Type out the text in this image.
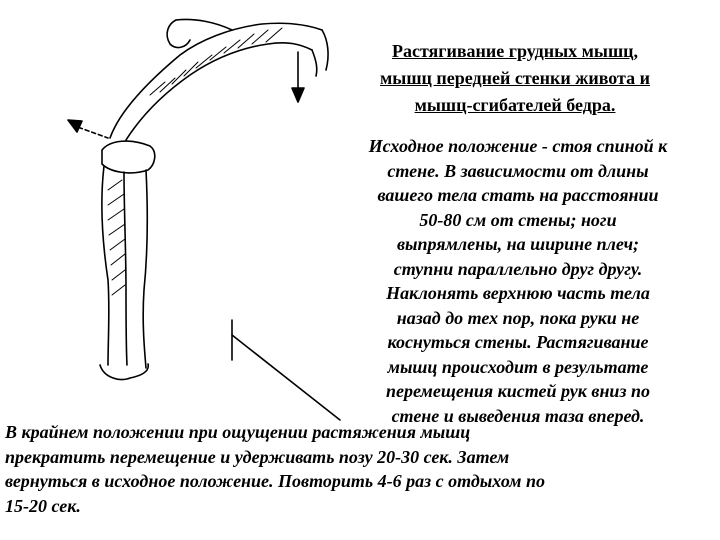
Растягивание грудных мышц,
мышц передней стенки живота и
мышц-сгибателей бедра.
Исходное положение - стоя спиной к
стене. В зависимости от длины
вашего тела стать на расстоянии
50-80 см от стены; ноги
выпрямлены, на ширине плеч;
ступни параллельно друг другу.
Наклонять верхнюю часть тела
назад до тех пор, пока руки не
коснуться стены. Растягивание
мышц происходит в результате
перемещения кистей рук вниз по
стене и выведения таза вперед.
В крайнем положении при ощущении растяжения мышц
прекратить перемещение и удерживать позу 20-30 сек. Затем
вернуться в исходное положение. Повторить 4-6 раз с отдыхом по
15-20 сек.
